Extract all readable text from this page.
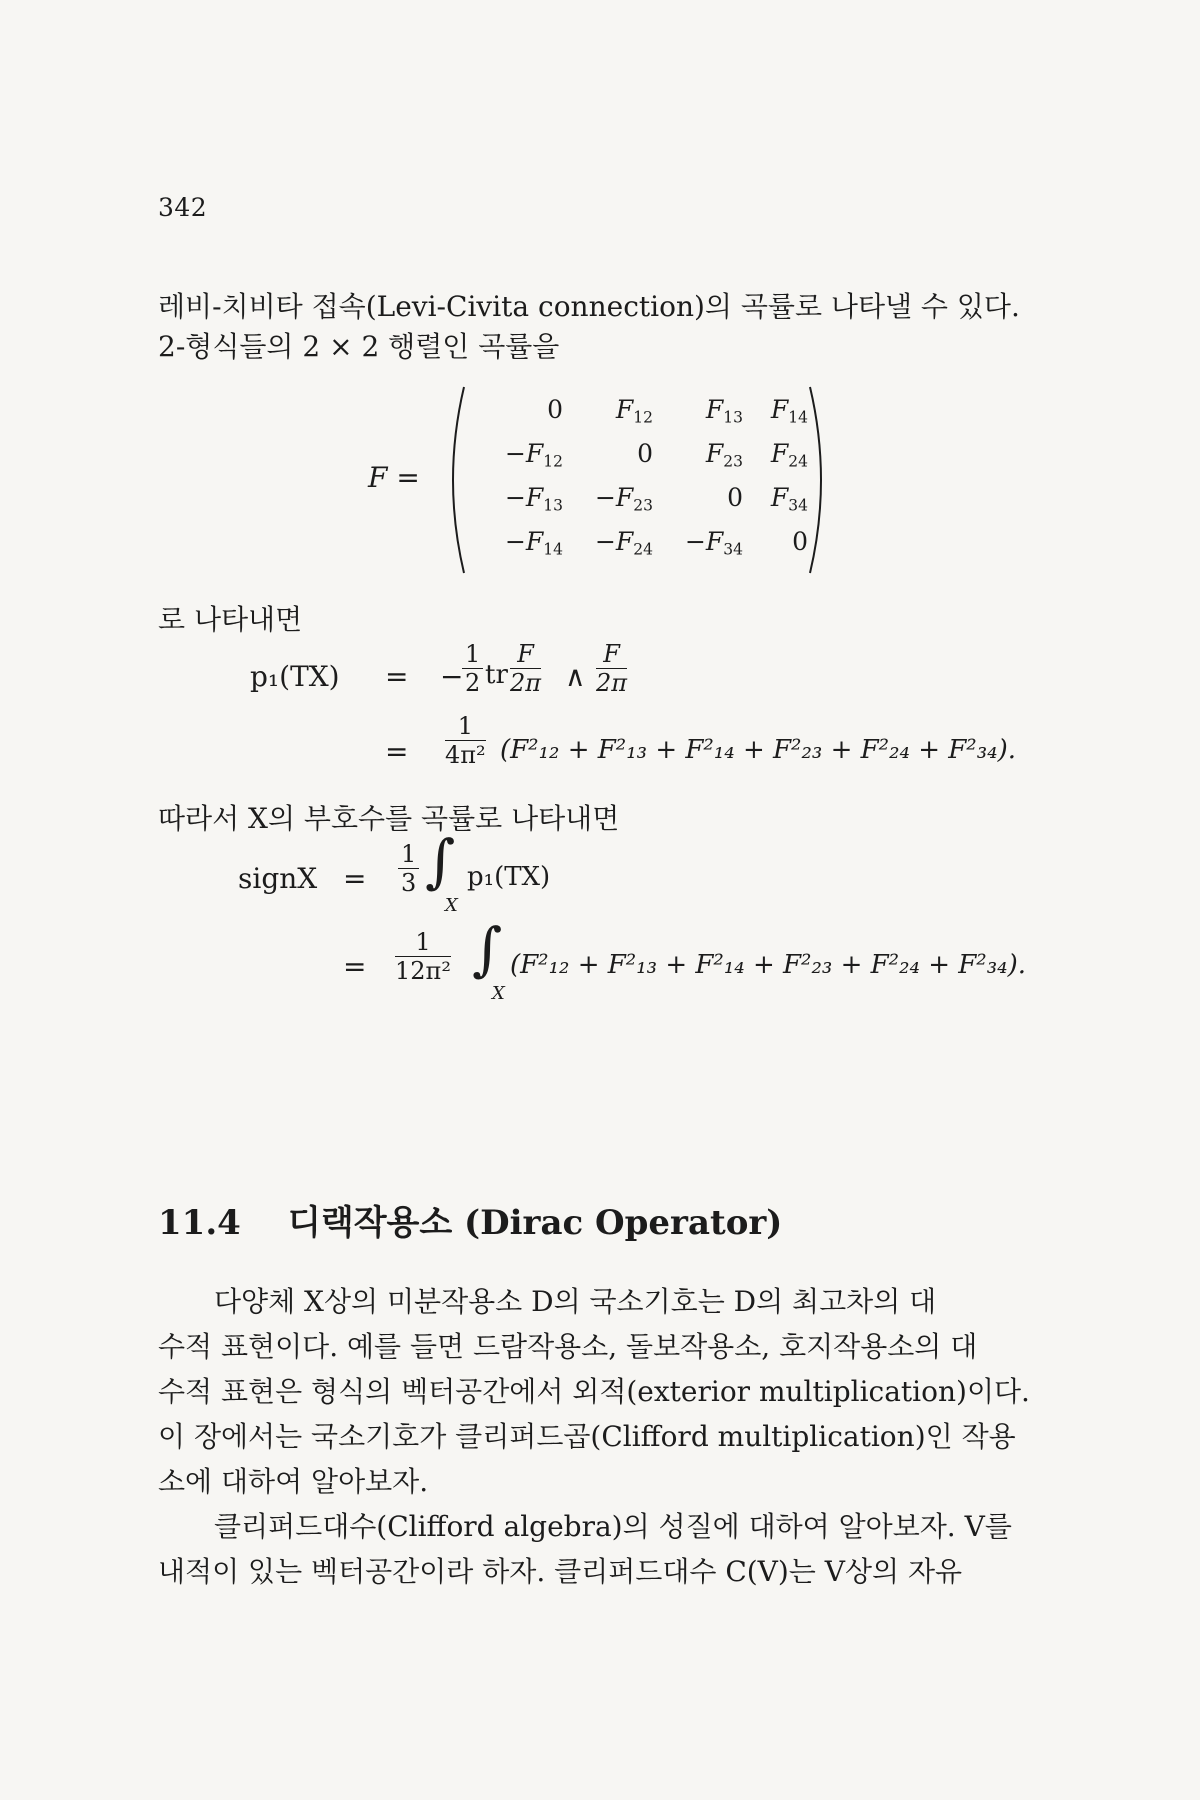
342
레비-치비타 접속(Levi-Civita connection)의 곡률로 나타낼 수 있다.
2-형식들의 2 × 2 행렬인 곡률을
F =
0	$F_{12}$	$F_{13}$	$F_{14}$
$-F_{12}$	0	$F_{23}$	$F_{24}$
$-F_{13}$	$-F_{23}$	0	$F_{34}$
$-F_{14}$	$-F_{24}$	$-F_{34}$	0
로 나타내면
p₁(TX) = −
$\frac{1}{2}$ tr $\frac{F}{2\pi}$ ∧ $\frac{F}{2\pi}$
= $\frac{1}{\text{4π²}} (F^2_{12} + F^2_{13} + F^2_{14} + F^2_{23} + F^2_{24} + F^2_{34})$.
따라서 X의 부호수를 곡률로 나타내면
signX = $\frac{1}{3}$ ∫
X
p₁(TX)
= $\frac{1}{\text{12π²}}$ ∫
X
(F²₁₂ + F²₁₃ + F²₁₄ + F²₂₃ + F²₂₄ + F²₃₄).
11.4 디랙작용소 (Dirac Operator)
　　다양체 X상의 미분작용소 D의 국소기호는 D의 최고차의 대
수적 표현이다. 예를 들면 드람작용소, 돌보작용소, 호지작용소의 대
수적 표현은 형식의 벡터공간에서 외적(exterior multiplication)이다.
이 장에서는 국소기호가 클리퍼드곱(Clifford multiplication)인 작용
소에 대하여 알아보자.
　　클리퍼드대수(Clifford algebra)의 성질에 대하여 알아보자. V를
내적이 있는 벡터공간이라 하자. 클리퍼드대수 C(V)는 V상의 자유
